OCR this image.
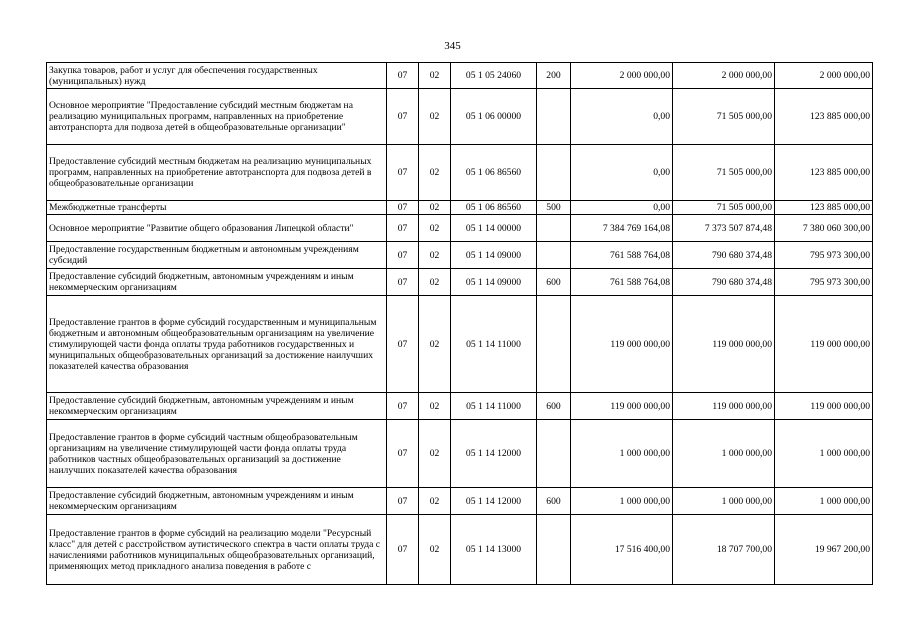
345
Закупка товаров, работ и услуг для обеспечения государственных (муниципальных) нужд	07	02	05 1 05 24060	200	2 000 000,00	2 000 000,00	2 000 000,00
Основное мероприятие "Предоставление субсидий местным бюджетам на реализацию муниципальных программ, направленных на приобретение автотранспорта для подвоза детей в общеобразовательные организации"	07	02	05 1 06 00000		0,00	71 505 000,00	123 885 000,00
Предоставление субсидий местным бюджетам на реализацию муниципальных программ, направленных на приобретение автотранспорта для подвоза детей в общеобразовательные организации	07	02	05 1 06 86560		0,00	71 505 000,00	123 885 000,00
Межбюджетные трансферты	07	02	05 1 06 86560	500	0,00	71 505 000,00	123 885 000,00
Основное мероприятие "Развитие общего образования Липецкой области"	07	02	05 1 14 00000		7 384 769 164,08	7 373 507 874,48	7 380 060 300,00
Предоставление государственным бюджетным и автономным учреждениям субсидий	07	02	05 1 14 09000		761 588 764,08	790 680 374,48	795 973 300,00
Предоставление субсидий бюджетным, автономным учреждениям и иным некоммерческим организациям	07	02	05 1 14 09000	600	761 588 764,08	790 680 374,48	795 973 300,00
Предоставление грантов в форме субсидий государственным и муниципальным бюджетным и автономным общеобразовательным организациям на увеличение стимулирующей части фонда оплаты труда работников государственных и муниципальных общеобразовательных организаций за достижение наилучших показателей качества образования	07	02	05 1 14 11000		119 000 000,00	119 000 000,00	119 000 000,00
Предоставление субсидий бюджетным, автономным учреждениям и иным некоммерческим организациям	07	02	05 1 14 11000	600	119 000 000,00	119 000 000,00	119 000 000,00
Предоставление грантов в форме субсидий частным общеобразовательным организациям на увеличение стимулирующей части фонда оплаты труда работников частных общеобразовательных организаций за достижение наилучших показателей качества образования	07	02	05 1 14 12000		1 000 000,00	1 000 000,00	1 000 000,00
Предоставление субсидий бюджетным, автономным учреждениям и иным некоммерческим организациям	07	02	05 1 14 12000	600	1 000 000,00	1 000 000,00	1 000 000,00
Предоставление грантов в форме субсидий на реализацию модели "Ресурсный класс" для детей с расстройством аутистического спектра в части оплаты труда с начислениями работников муниципальных общеобразовательных организаций, применяющих метод прикладного анализа поведения в работе с	07	02	05 1 14 13000		17 516 400,00	18 707 700,00	19 967 200,00
